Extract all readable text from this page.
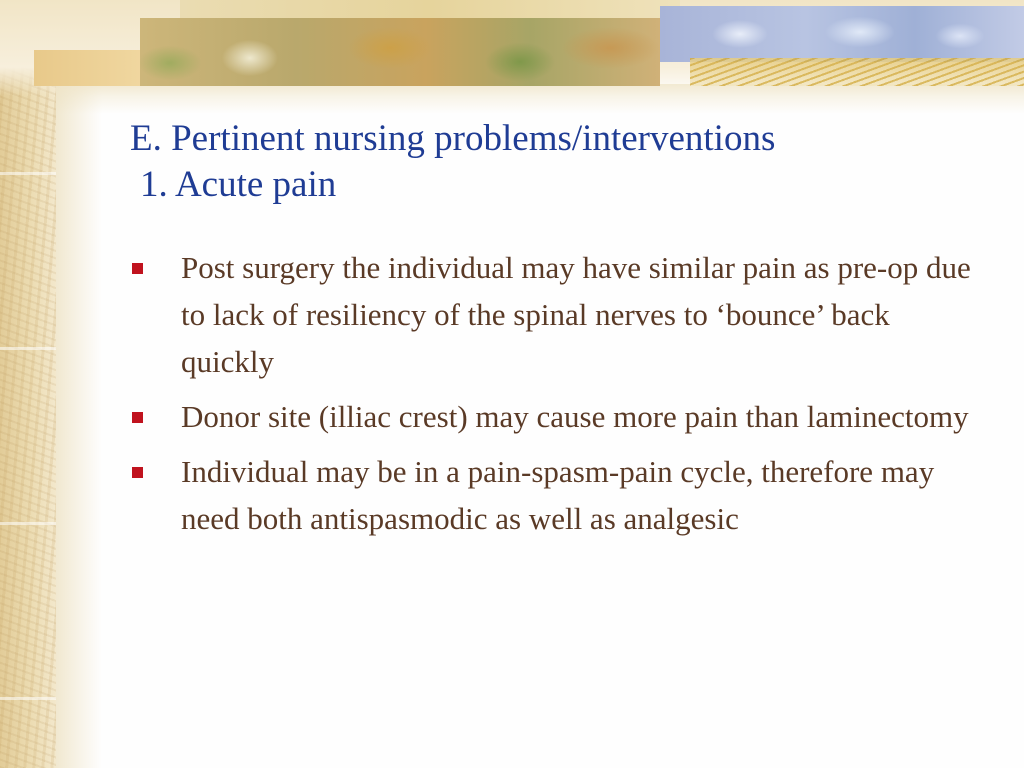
E. Pertinent nursing problems/interventions
1. Acute pain
Post surgery the individual may have similar pain as pre-op due to lack of resiliency of the spinal nerves to ‘bounce’ back quickly
Donor site (illiac crest) may cause more pain than laminectomy
Individual may be in a pain-spasm-pain cycle, therefore may need both antispasmodic as well as analgesic
